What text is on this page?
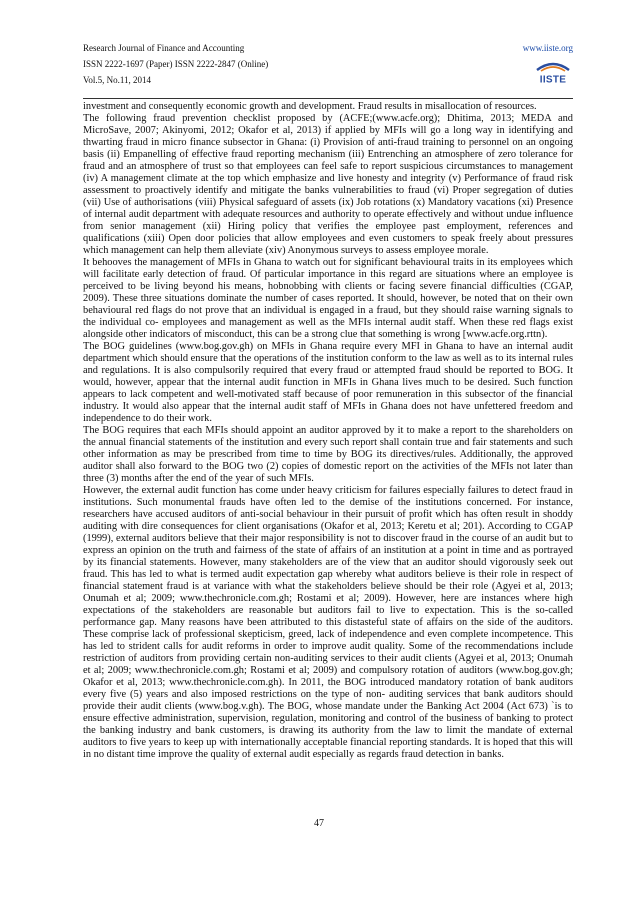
Research Journal of Finance and Accounting
ISSN 2222-1697 (Paper) ISSN 2222-2847 (Online)
Vol.5, No.11, 2014
www.iiste.org
IISTE

investment and consequently economic growth and development. Fraud results in misallocation of resources.

The following fraud prevention checklist proposed by (ACFE;(www.acfe.org); Dhitima, 2013; MEDA and MicroSave, 2007; Akinyomi, 2012; Okafor et al, 2013) if applied by MFIs will go a long way in identifying and thwarting fraud in micro finance subsector in Ghana: (i) Provision of anti-fraud training to personnel on an ongoing basis (ii) Empanelling of effective fraud reporting mechanism (iii) Entrenching an atmosphere of zero tolerance for fraud and an atmosphere of trust so that employees can feel safe to report suspicious circumstances to management (iv) A management climate at the top which emphasize and live honesty and integrity (v) Performance of fraud risk assessment to proactively identify and mitigate the banks vulnerabilities to fraud (vi) Proper segregation of duties (vii) Use of authorisations (viii) Physical safeguard of assets (ix) Job rotations (x) Mandatory vacations (xi) Presence of internal audit department with adequate resources and authority to operate effectively and without undue influence from senior management (xii) Hiring policy that verifies the employee past employment, references and qualifications (xiii) Open door policies that allow employees and even customers to speak freely about pressures which management can help them alleviate (xiv) Anonymous surveys to assess employee morale.

It behooves the management of MFIs in Ghana to watch out for significant behavioural traits in its employees which will facilitate early detection of fraud. Of particular importance in this regard are situations where an employee is perceived to be living beyond his means, hobnobbing with clients or facing severe financial difficulties (CGAP, 2009). These three situations dominate the number of cases reported. It should, however, be noted that on their own behavioural red flags do not prove that an individual is engaged in a fraud, but they should raise warning signals to the individual co- employees and management as well as the MFIs internal audit staff. When these red flags exist alongside other indicators of misconduct, this can be a strong clue that something is wrong [www.acfe.org.rttn).

The BOG guidelines (www.bog.gov.gh) on MFIs in Ghana require every MFI in Ghana to have an internal audit department which should ensure that the operations of the institution conform to the law as well as to its internal rules and regulations. It is also compulsorily required that every fraud or attempted fraud should be reported to BOG. It would, however, appear that the internal audit function in MFIs in Ghana lives much to be desired. Such function appears to lack competent and well-motivated staff because of poor remuneration in this subsector of the financial industry. It would also appear that the internal audit staff of MFIs in Ghana does not have unfettered freedom and independence to do their work.

The BOG requires that each MFIs should appoint an auditor approved by it to make a report to the shareholders on the annual financial statements of the institution and every such report shall contain true and fair statements and such other information as may be prescribed from time to time by BOG its directives/rules. Additionally, the approved auditor shall also forward to the BOG two (2) copies of domestic report on the activities of the MFIs not later than three (3) months after the end of the year of such MFIs.

However, the external audit function has come under heavy criticism for failures especially failures to detect fraud in institutions. Such monumental frauds have often led to the demise of the institutions concerned. For instance, researchers have accused auditors of anti-social behaviour in their pursuit of profit which has often result in shoddy auditing with dire consequences for client organisations (Okafor et al, 2013; Keretu et al; 201). According to CGAP (1999), external auditors believe that their major responsibility is not to discover fraud in the course of an audit but to express an opinion on the truth and fairness of the state of affairs of an institution at a point in time and as portrayed by its financial statements. However, many stakeholders are of the view that an auditor should vigorously seek out fraud. This has led to what is termed audit expectation gap whereby what auditors believe is their role in respect of financial statement fraud is at variance with what the stakeholders believe should be their role (Agyei et al, 2013; Onumah et al; 2009; www.thechronicle.com.gh; Rostami et al; 2009). However, here are instances where high expectations of the stakeholders are reasonable but auditors fail to live to expectation. This is the so-called performance gap. Many reasons have been attributed to this distasteful state of affairs on the side of the auditors. These comprise lack of professional skepticism, greed, lack of independence and even complete incompetence. This has led to strident calls for audit reforms in order to improve audit quality. Some of the recommendations include restriction of auditors from providing certain non-auditing services to their audit clients (Agyei et al, 2013; Onumah et al; 2009; www.thechronicle.com.gh; Rostami et al; 2009) and compulsory rotation of auditors (www.bog.gov.gh; Okafor et al, 2013; www.thechronicle.com.gh). In 2011, the BOG introduced mandatory rotation of bank auditors every five (5) years and also imposed restrictions on the type of non- auditing services that bank auditors should provide their audit clients (www.bog.v.gh). The BOG, whose mandate under the Banking Act 2004 (Act 673) `is to ensure effective administration, supervision, regulation, monitoring and control of the business of banking to protect the banking industry and bank customers, is drawing its authority from the law to limit the mandate of external auditors to five years to keep up with internationally acceptable financial reporting standards. It is hoped that this will in no distant time improve the quality of external audit especially as regards fraud detection in banks.

47
